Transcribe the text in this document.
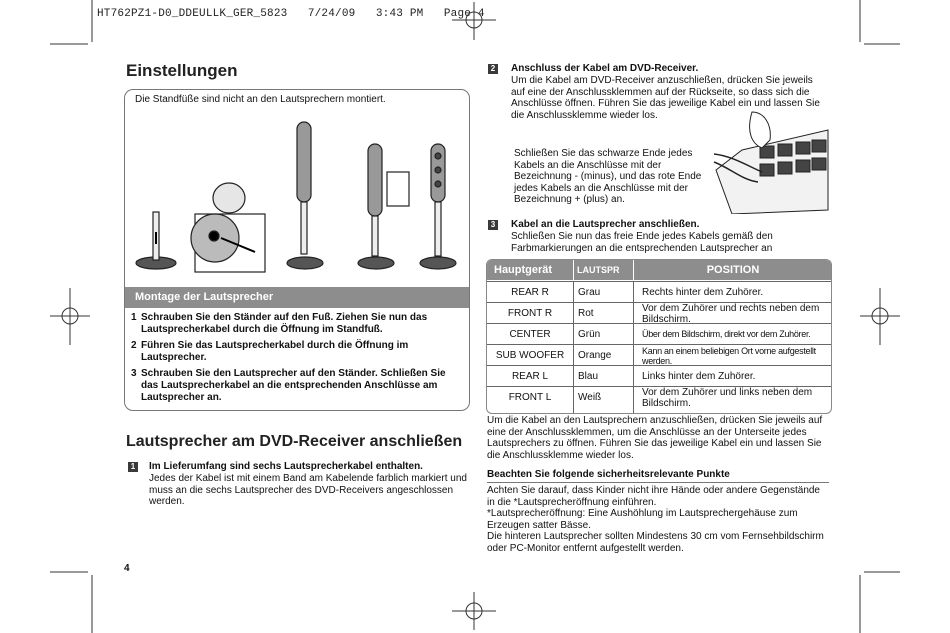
HT762PZ1-D0_DDEULLK_GER_5823   7/24/09   3:43 PM   Page 4
Einstellungen
Die Standfüße sind nicht an den Lautsprechern montiert.
Montage der Lautsprecher
1 Schrauben Sie den Ständer auf den Fuß. Ziehen Sie nun das Lautsprecherkabel durch die Öffnung im Standfuß.
2 Führen Sie das Lautsprecherkabel durch die Öffnung im Lautsprecher.
3 Schrauben Sie den Lautsprecher auf den Ständer. Schließen Sie das Lautsprecherkabel an die entsprechenden Anschlüsse am Lautsprecher an.
Lautsprecher am DVD-Receiver anschließen
1 Im Lieferumfang sind sechs Lautsprecherkabel enthalten.
Jedes der Kabel ist mit einem Band am Kabelende farblich markiert und muss an die sechs Lautsprecher des DVD-Receivers angeschlossen werden.
4
2 Anschluss der Kabel am DVD-Receiver.
Um die Kabel am DVD-Receiver anzuschließen, drücken Sie jeweils auf eine der Anschlussklemmen auf der Rückseite, so dass sich die Anschlüsse öffnen. Führen Sie das jeweilige Kabel ein und lassen Sie die Anschlussklemme wieder los.
Schließen Sie das schwarze Ende jedes Kabels an die Anschlüsse mit der Bezeichnung - (minus), und das rote Ende jedes Kabels an die Anschlüsse mit der Bezeichnung + (plus) an.
3 Kabel an die Lautsprecher anschließen.
Schließen Sie nun das freie Ende jedes Kabels gemäß den Farbmarkierungen an die entsprechenden Lautsprecher an
Hauptgerät	LAUTSPR	POSITION
REAR R	Grau	Rechts hinter dem Zuhörer.
FRONT R	Rot	Vor dem Zuhörer und rechts neben dem Bildschirm.
CENTER	Grün	Über dem Bildschirm, direkt vor dem Zuhörer.
SUB WOOFER	Orange	Kann an einem beliebigen Ort vorne aufgestellt werden.
REAR L	Blau	Links hinter dem Zuhörer.
FRONT L	Weiß	Vor dem Zuhörer und links neben dem Bildschirm.
Um die Kabel an den Lautsprechern anzuschließen, drücken Sie jeweils auf eine der Anschlussklemmen, um die Anschlüsse an der Unterseite jedes Lautsprechers zu öffnen. Führen Sie das jeweilige Kabel ein und lassen Sie die Anschlussklemme wieder los.
Beachten Sie folgende sicherheitsrelevante Punkte
Achten Sie darauf, dass Kinder nicht ihre Hände oder andere Gegenstände in die *Lautsprecheröffnung einführen.
*Lautsprecheröffnung: Eine Aushöhlung im Lautsprechergehäuse zum Erzeugen satter Bässe.
Die hinteren Lautsprecher sollten Mindestens 30 cm vom Fernsehbildschirm oder PC-Monitor entfernt aufgestellt werden.
